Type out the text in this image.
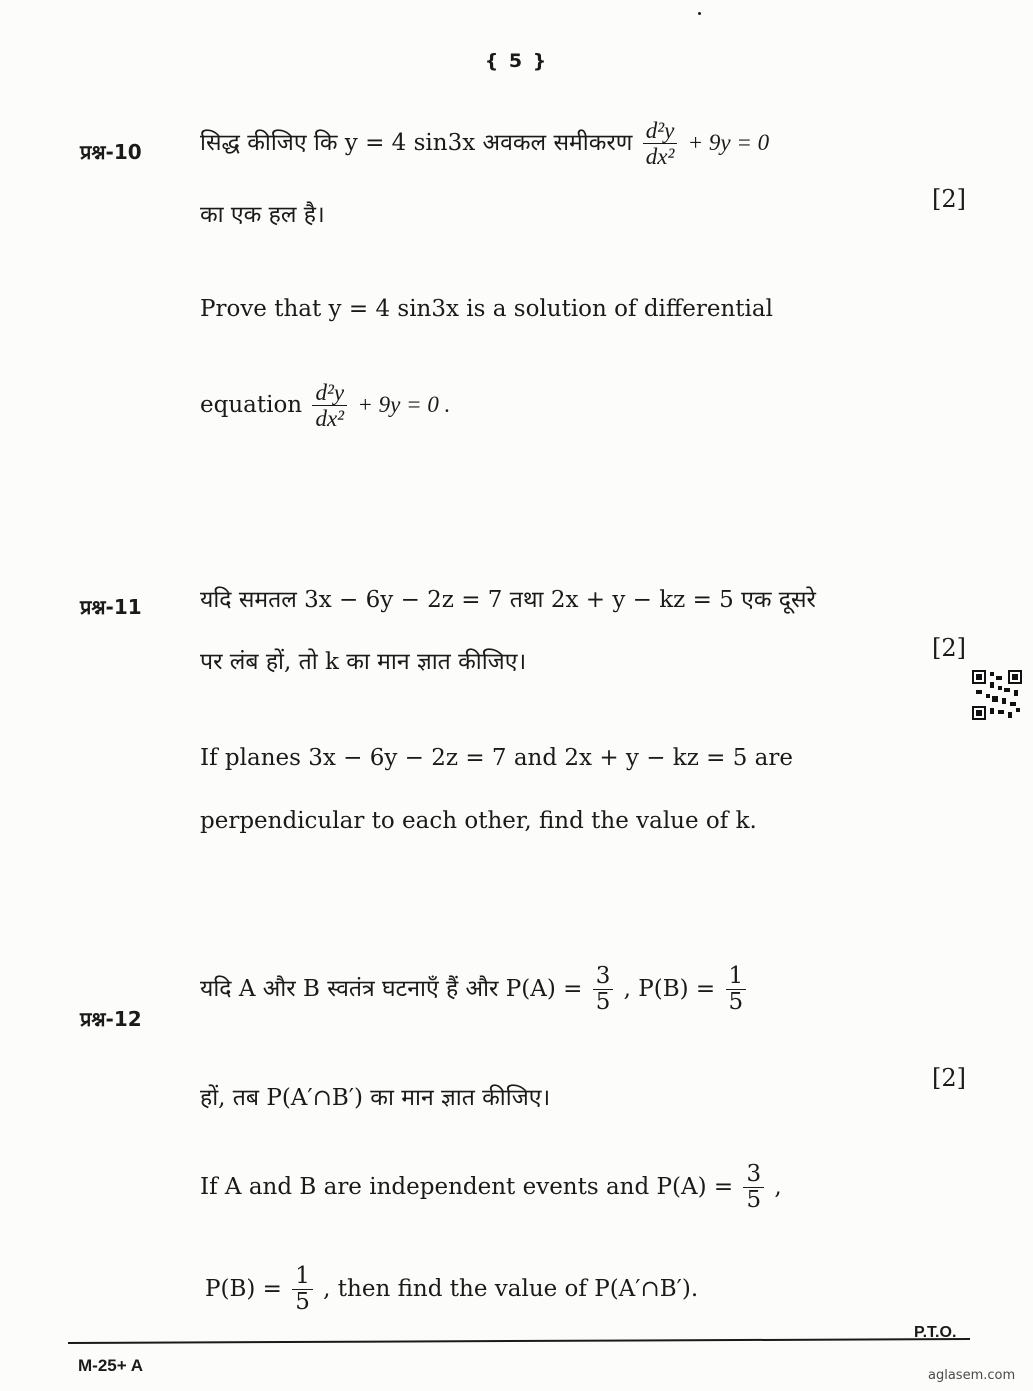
{ 5 }
प्रश्न-10	सिद्ध कीजिए कि y = 4 sin3x अवकल समीकरण $\frac{\text{d²y}}{\text{dx²}} + 9y = 0$
का एक हल है।
[2]
Prove that y = 4 sin3x is a solution of differential
equation $\frac{\text{d²y}}{\text{dx²}} + 9y = 0$ .
प्रश्न-11	यदि समतल 3x − 6y − 2z = 7 तथा 2x + y − kz = 5 एक दूसरे
पर लंब हों, तो k का मान ज्ञात कीजिए।	[2]
If planes 3x − 6y − 2z = 7 and 2x + y − kz = 5 are
perpendicular to each other, find the value of k.
प्रश्न-12
यदि A और B स्वतंत्र घटनाएँ हैं और $P(A) = \frac{3}{5}$ , $P(B) = \frac{1}{5}$
हों, तब P(A′∩B′) का मान ज्ञात कीजिए।
[2]
If A and B are independent events and $P(A) = \frac{3}{5}$ ,
$P(B) = \frac{1}{5}$ , then find the value of P(A′∩B′).
P.T.O.
M-25+ A
aglasem.com
